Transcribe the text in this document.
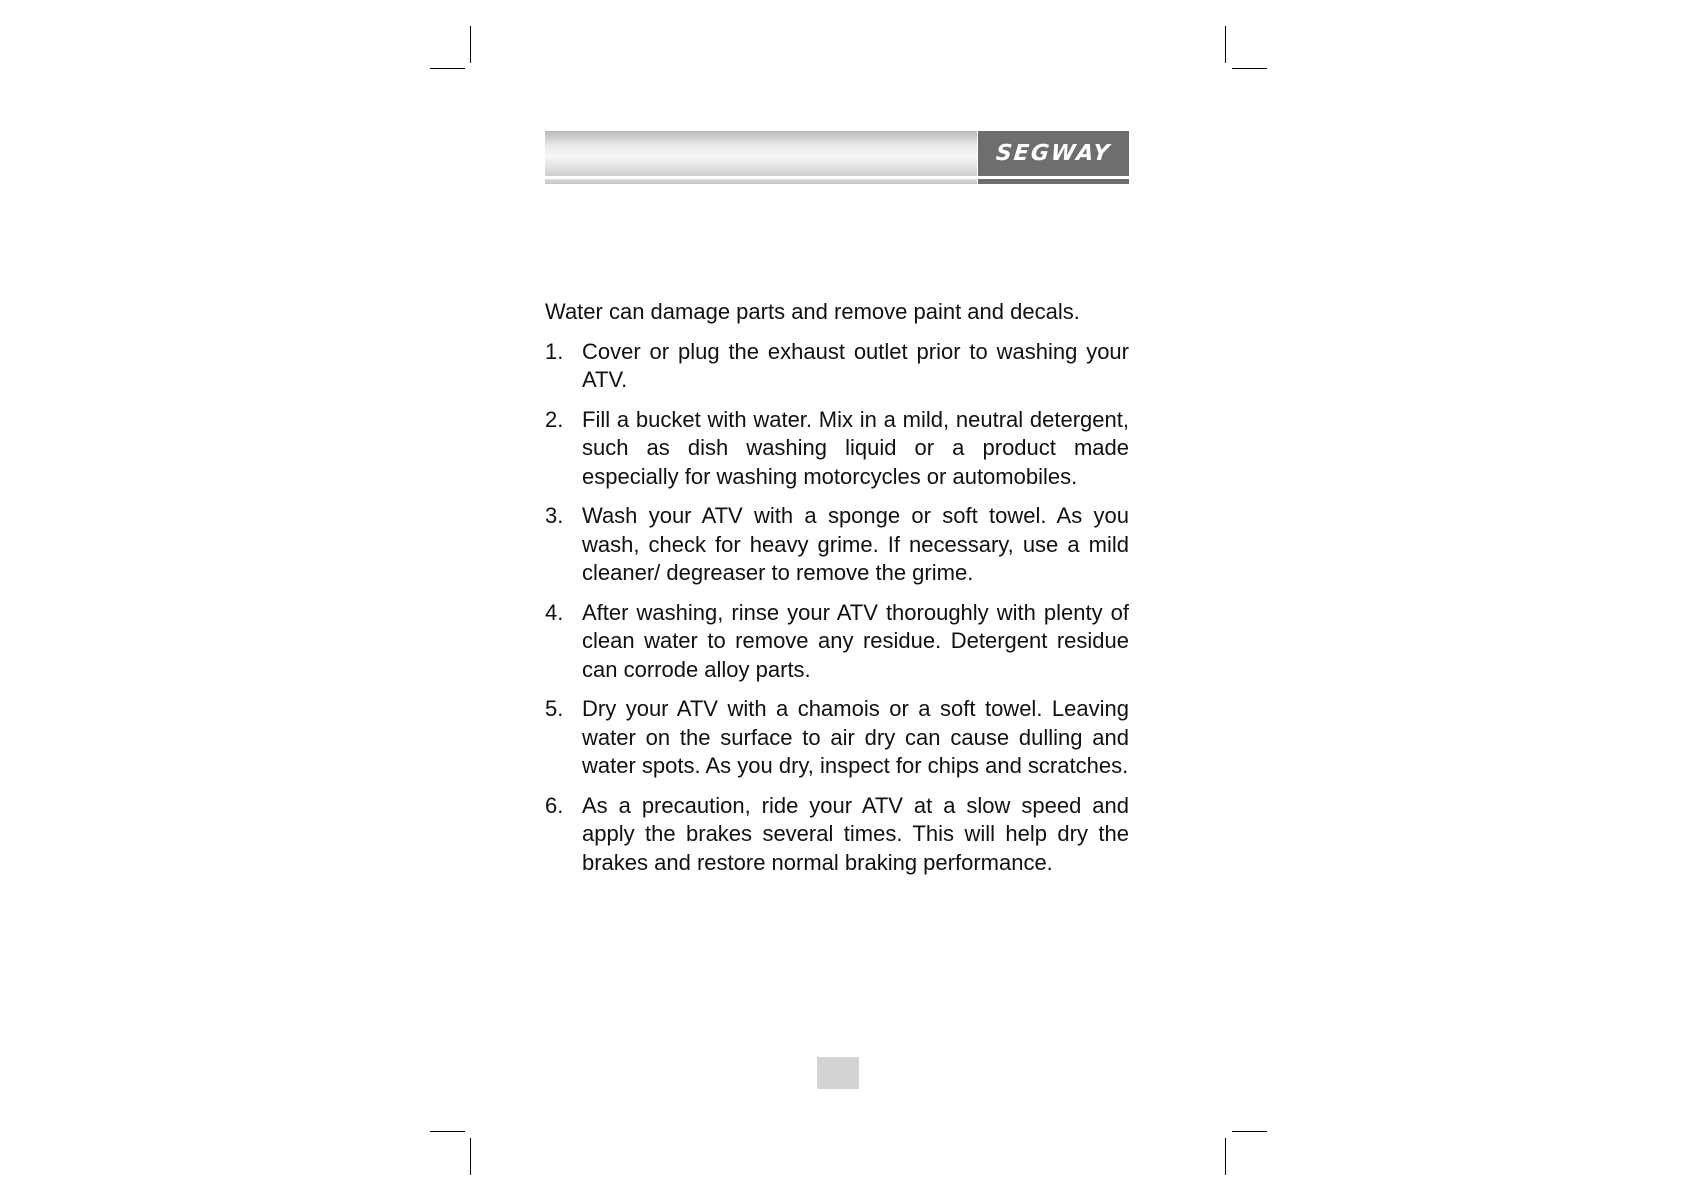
SEGWAY

Water can damage parts and remove paint and decals.

1. Cover or plug the exhaust outlet prior to washing your ATV.
2. Fill a bucket with water. Mix in a mild, neutral detergent, such as dish washing liquid or a product made especially for washing motorcycles or automobiles.
3. Wash your ATV with a sponge or soft towel. As you wash, check for heavy grime. If necessary, use a mild cleaner/ degreaser to remove the grime.
4. After washing, rinse your ATV thoroughly with plenty of clean water to remove any residue. Detergent residue can corrode alloy parts.
5. Dry your ATV with a chamois or a soft towel. Leaving water on the surface to air dry can cause dulling and water spots. As you dry, inspect for chips and scratches.
6. As a precaution, ride your ATV at a slow speed and apply the brakes several times. This will help dry the brakes and restore normal braking performance.
